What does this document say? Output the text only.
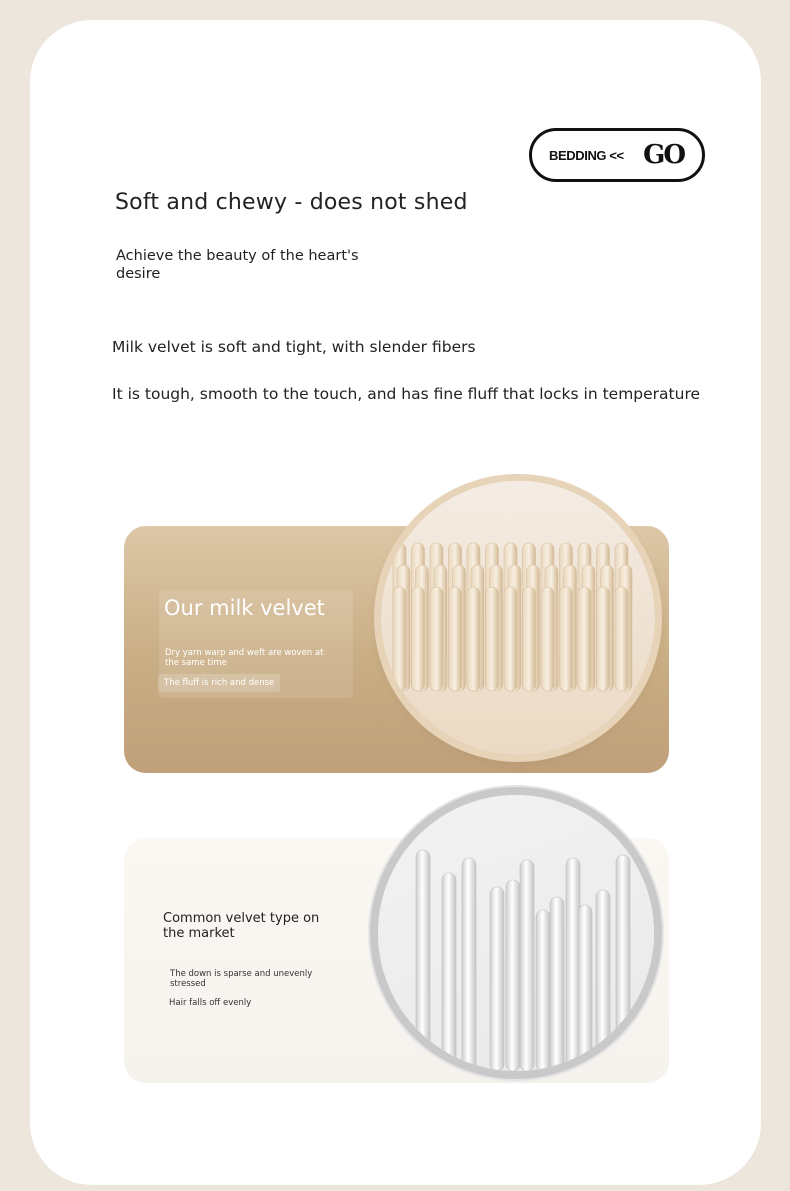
BEDDING << GO
Soft and chewy - does not shed
Achieve the beauty of the heart's desire
Milk velvet is soft and tight, with slender fibers
It is tough, smooth to the touch, and has fine fluff that locks in temperature
Our milk velvet
Dry yarn warp and weft are woven at the same time
The fluff is rich and dense
Common velvet type on the market
The down is sparse and unevenly stressed
Hair falls off evenly
